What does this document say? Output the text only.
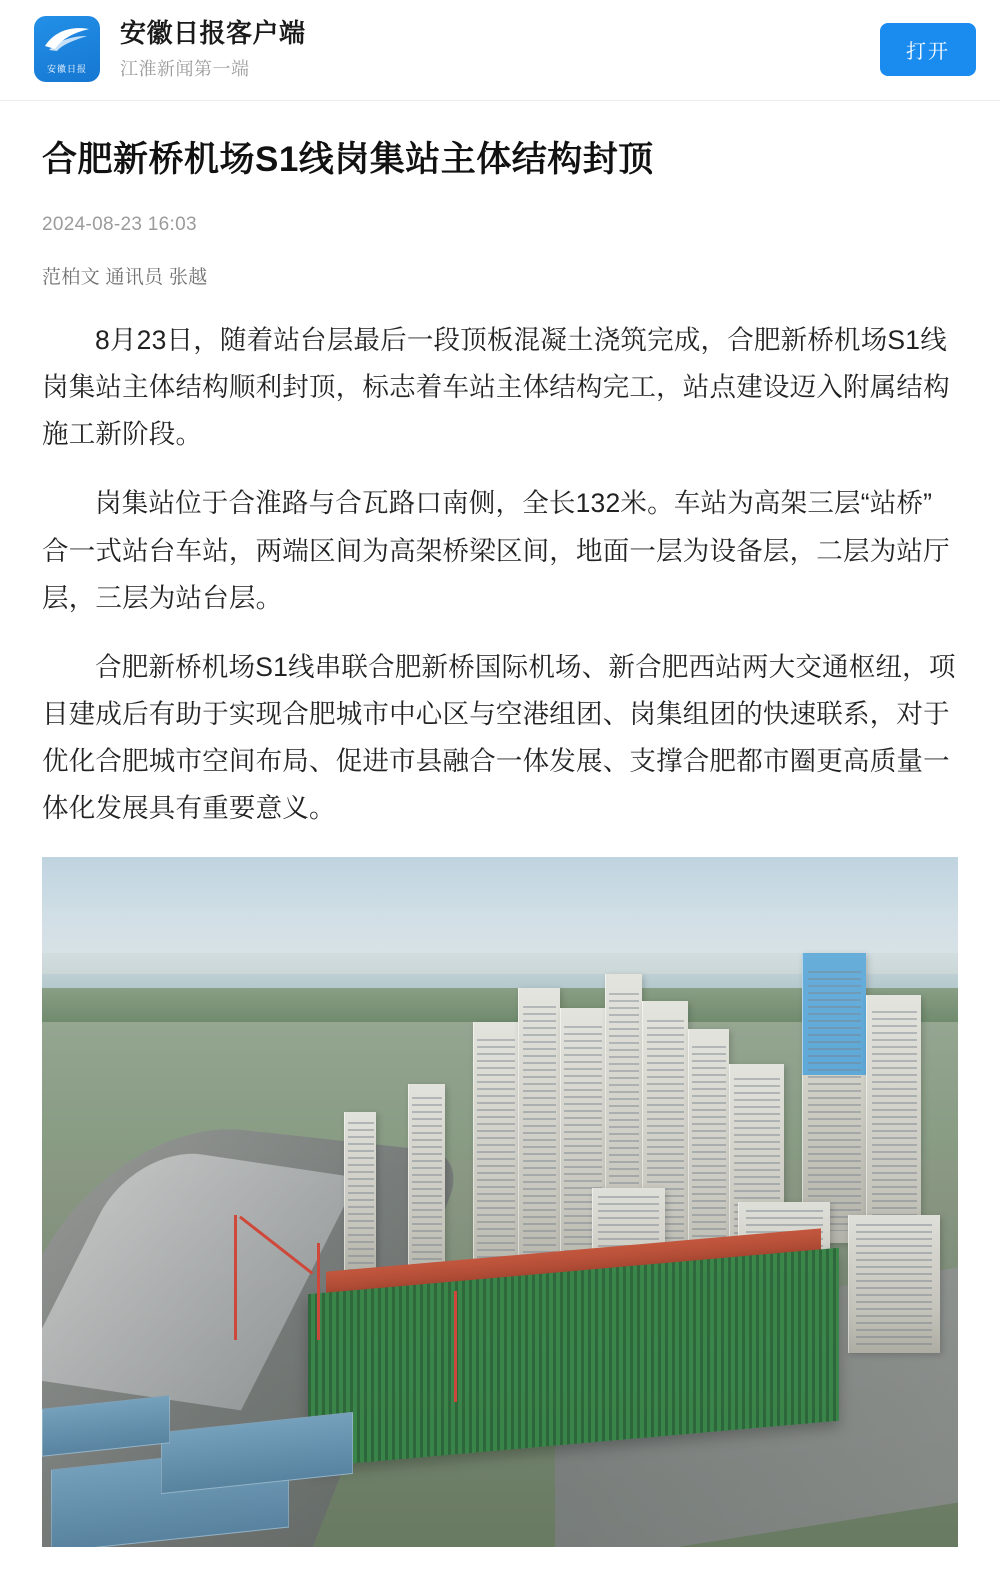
安徽日报
安徽日报客户端
江淮新闻第一端
打开
合肥新桥机场S1线岗集站主体结构封顶
2024-08-23 16:03
范柏文 通讯员 张越

8月23日，随着站台层最后一段顶板混凝土浇筑完成，合肥新桥机场S1线岗集站主体结构顺利封顶，标志着车站主体结构完工，站点建设迈入附属结构施工新阶段。

岗集站位于合淮路与合瓦路口南侧，全长132米。车站为高架三层“站桥”合一式站台车站，两端区间为高架桥梁区间，地面一层为设备层，二层为站厅层，三层为站台层。

合肥新桥机场S1线串联合肥新桥国际机场、新合肥西站两大交通枢纽，项目建成后有助于实现合肥城市中心区与空港组团、岗集组团的快速联系，对于优化合肥城市空间布局、促进市县融合一体发展、支撑合肥都市圈更高质量一体化发展具有重要意义。
